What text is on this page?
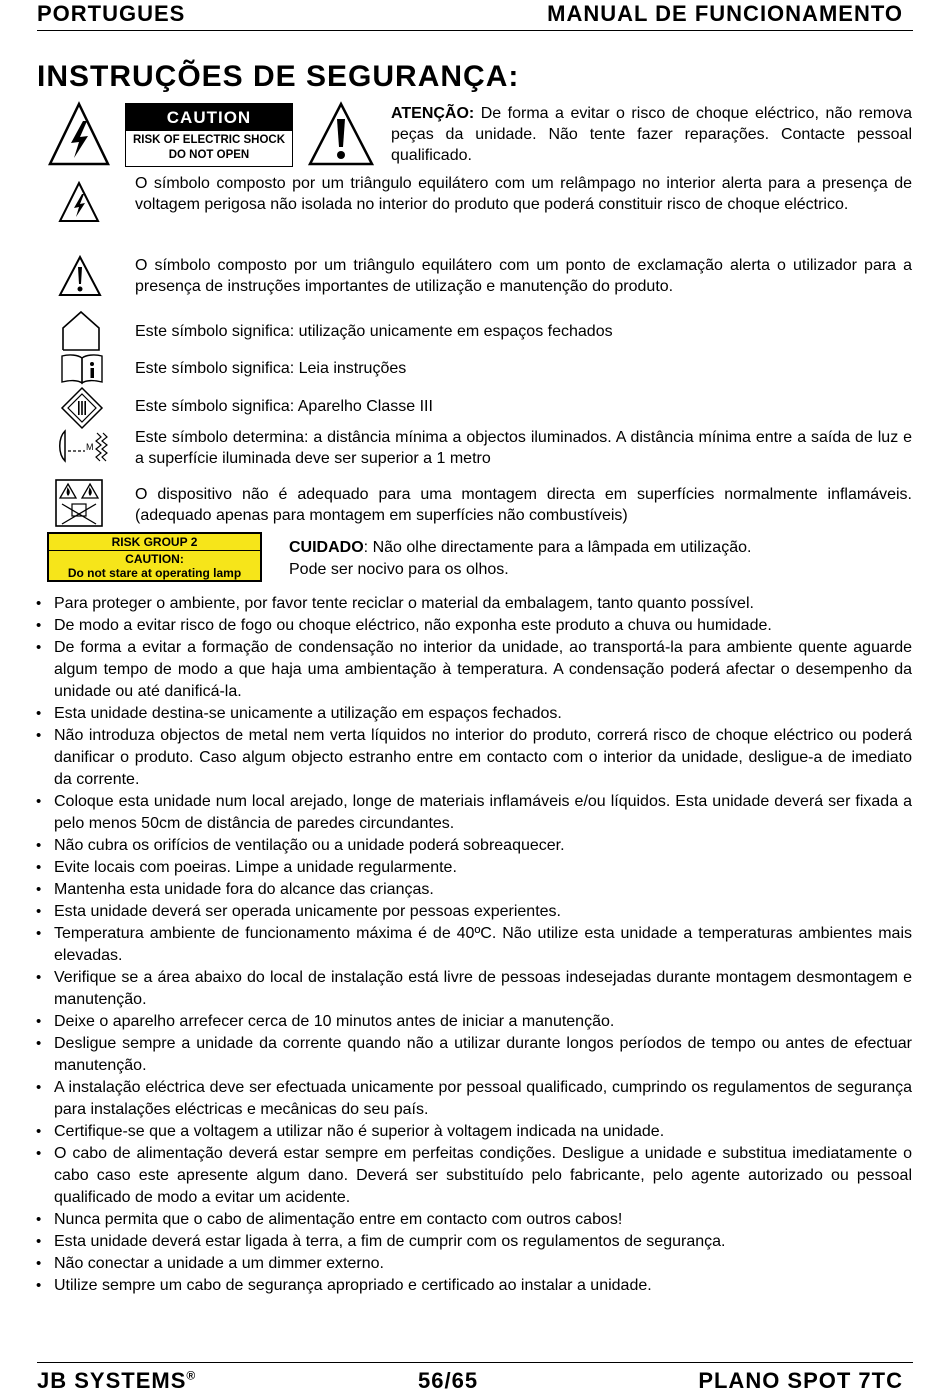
PORTUGUES	MANUAL DE FUNCIONAMENTO
INSTRUÇÕES DE SEGURANÇA:
CAUTION
RISK OF ELECTRIC SHOCK
DO NOT OPEN
ATENÇÃO: De forma a evitar o risco de choque eléctrico, não remova peças da unidade. Não tente fazer reparações. Contacte pessoal qualificado.
O símbolo composto por um triângulo equilátero com um relâmpago no interior alerta para a presença de voltagem perigosa não isolada no interior do produto que poderá constituir risco de choque eléctrico.
O símbolo composto por um triângulo equilátero com um ponto de exclamação alerta o utilizador para a presença de instruções importantes de utilização e manutenção do produto.
Este símbolo significa: utilização unicamente em espaços fechados
Este símbolo significa: Leia instruções
Este símbolo significa: Aparelho Classe III
M
Este símbolo determina: a distância mínima a objectos iluminados. A distância mínima entre a saída de luz e a superfície iluminada deve ser superior a 1 metro
O dispositivo não é adequado para uma montagem directa em superfícies normalmente inflamáveis. (adequado apenas para montagem em superfícies não combustíveis)
RISK GROUP 2
CAUTION:
Do not stare at operating lamp
CUIDADO: Não olhe directamente para a lâmpada em utilização.
Pode ser nocivo para os olhos.
• Para proteger o ambiente, por favor tente reciclar o material da embalagem, tanto quanto possível.
• De modo a evitar risco de fogo ou choque eléctrico, não exponha este produto a chuva ou humidade.
• De forma a evitar a formação de condensação no interior da unidade, ao transportá-la para ambiente quente aguarde algum tempo de modo a que haja uma ambientação à temperatura. A condensação poderá afectar o desempenho da unidade ou até danificá-la.
• Esta unidade destina-se unicamente a utilização em espaços fechados.
• Não introduza objectos de metal nem verta líquidos no interior do produto, correrá risco de choque eléctrico ou poderá danificar o produto. Caso algum objecto estranho entre em contacto com o interior da unidade, desligue-a de imediato da corrente.
• Coloque esta unidade num local arejado, longe de materiais inflamáveis e/ou líquidos. Esta unidade deverá ser fixada a pelo menos 50cm de distância de paredes circundantes.
• Não cubra os orifícios de ventilação ou a unidade poderá sobreaquecer.
• Evite locais com poeiras. Limpe a unidade regularmente.
• Mantenha esta unidade fora do alcance das crianças.
• Esta unidade deverá ser operada unicamente por pessoas experientes.
• Temperatura ambiente de funcionamento máxima é de 40ºC. Não utilize esta unidade a temperaturas ambientes mais elevadas.
• Verifique se a área abaixo do local de instalação está livre de pessoas indesejadas durante montagem desmontagem e manutenção.
• Deixe o aparelho arrefecer cerca de 10 minutos antes de iniciar a manutenção.
• Desligue sempre a unidade da corrente quando não a utilizar durante longos períodos de tempo ou antes de efectuar manutenção.
• A instalação eléctrica deve ser efectuada unicamente por pessoal qualificado, cumprindo os regulamentos de segurança para instalações eléctricas e mecânicas do seu país.
• Certifique-se que a voltagem a utilizar não é superior à voltagem indicada na unidade.
• O cabo de alimentação deverá estar sempre em perfeitas condições. Desligue a unidade e substitua imediatamente o cabo caso este apresente algum dano. Deverá ser substituído pelo fabricante, pelo agente autorizado ou pessoal qualificado de modo a evitar um acidente.
• Nunca permita que o cabo de alimentação entre em contacto com outros cabos!
• Esta unidade deverá estar ligada à terra, a fim de cumprir com os regulamentos de segurança.
• Não conectar a unidade a um dimmer externo.
• Utilize sempre um cabo de segurança apropriado e certificado ao instalar a unidade.
JB SYSTEMS®	56/65	PLANO SPOT 7TC
